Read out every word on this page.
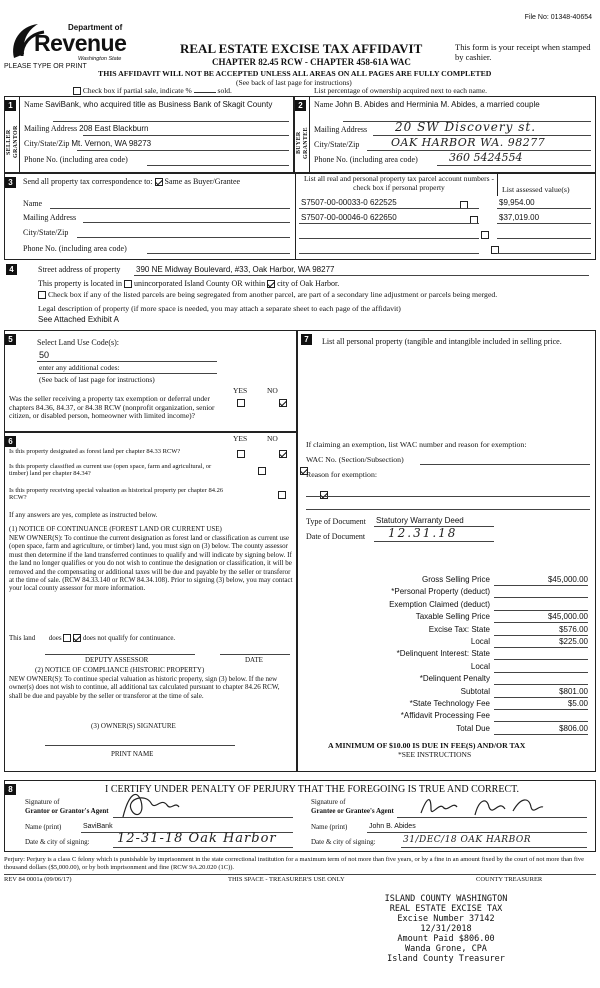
File No: 01348-40654
Department of
Revenue
Washington State
PLEASE TYPE OR PRINT
REAL ESTATE EXCISE TAX AFFIDAVIT
CHAPTER 82.45 RCW - CHAPTER 458-61A WAC
This form is your receipt when stamped by cashier.
THIS AFFIDAVIT WILL NOT BE ACCEPTED UNLESS ALL AREAS ON ALL PAGES ARE FULLY COMPLETED
(See back of last page for instructions)
Check box if partial sale, indicate %	sold.	List percentage of ownership acquired next to each name.
1
SELLER GRANTOR
Name SaviBank, who acquired title as Business Bank of Skagit County
Mailing Address 208 East Blackburn
City/State/Zip Mt. Vernon, WA 98273
Phone No. (including area code)
2
BUYER GRANTEE
Name John B. Abides and Herminia M. Abides, a married couple
Mailing Address 20 SW Discovery st.
City/State/Zip	OAK HARBOR WA. 98277
Phone No. (including area code)	360 5424554
3	Send all property tax correspondence to: Same as Buyer/Grantee
Name
Mailing Address
City/State/Zip
Phone No. (including area code)
List all real and personal property tax parcel account numbers - check box if personal property	List assessed value(s)
S7507-00-00033-0 622525
	$9,954.00
S7507-00-00046-0 622650
	$37,019.00

4	Street address of property 390 NE Midway Boulevard, #33, Oak Harbor, WA 98277
This property is located in unincorporated Island County OR within city of Oak Harbor.
Check box if any of the listed parcels are being segregated from another parcel, are part of a secondary line adjustment or parcels being merged.
Legal description of property (if more space is needed, you may attach a separate sheet to each page of the affidavit)
See Attached Exhibit A
5	Select Land Use Code(s):
50
enter any additional codes:
(See back of last page for instructions)
YES	NO
Was the seller receiving a property tax exemption or deferral under chapters 84.36, 84.37, or 84.38 RCW (nonprofit organization, senior citizen, or disabled person, homeowner with limited income)?

6	YES	NO
Is this property designated as forest land per chapter 84.33 RCW?

Is this property classified as current use (open space, farm and agricultural, or timber) land per chapter 84.34?

Is this property receiving special valuation as historical property per chapter 84.26 RCW?

If any answers are yes, complete as instructed below.
(1) NOTICE OF CONTINUANCE (FOREST LAND OR CURRENT USE)
NEW OWNER(S): To continue the current designation as forest land or classification as current use (open space, farm and agriculture, or timber) land, you must sign on (3) below. The county assessor must then determine if the land transferred continues to qualify and will indicate by signing below. If the land no longer qualifies or you do not wish to continue the designation or classification, it will be removed and the compensating or additional taxes will be due and payable by the seller or transferor at the time of sale. (RCW 84.33.140 or RCW 84.34.108). Prior to signing (3) below, you may contact your local county assessor for more information.
This land does	does not qualify for continuance.
DEPUTY ASSESSOR	DATE
(2) NOTICE OF COMPLIANCE (HISTORIC PROPERTY)
NEW OWNER(S): To continue special valuation as historic property, sign (3) below. If the new owner(s) does not wish to continue, all additional tax calculated pursuant to chapter 84.26 RCW, shall be due and payable by the seller or transferor at the time of sale.
(3) OWNER(S) SIGNATURE
PRINT NAME
7	List all personal property (tangible and intangible included in selling price.
If claiming an exemption, list WAC number and reason for exemption:
WAC No. (Section/Subsection)
Reason for exemption:
Type of Document Statutory Warranty Deed
Date of Document 12.31.18
Gross Selling Price	$45,000.00
*Personal Property (deduct)
Exemption Claimed (deduct)
Taxable Selling Price	$45,000.00
Excise Tax: State	$576.00
Local	$225.00
*Delinquent Interest: State
Local
*Delinquent Penalty
Subtotal	$801.00
*State Technology Fee	$5.00
*Affidavit Processing Fee
Total Due	$806.00
A MINIMUM OF $10.00 IS DUE IN FEE(S) AND/OR TAX
*SEE INSTRUCTIONS
8	I CERTIFY UNDER PENALTY OF PERJURY THAT THE FOREGOING IS TRUE AND CORRECT.
Signature of
Grantor or Grantor's Agent
Name (print)	SaviBank
Date & city of signing: 12-31-18 Oak Harbor
Signature of
Grantee or Grantee's Agent
Name (print)	John B. Abides
Date & city of signing:	31/DEC/18 OAK HARBOR
Perjury: Perjury is a class C felony which is punishable by imprisonment in the state correctional institution for a maximum term of not more than five years, or by a fine in an amount fixed by the court of not more than five thousand dollars ($5,000.00), or by both imprisonment and fine (RCW 9A.20.020 (1C)).
REV 84 0001a (09/06/17)	THIS SPACE - TREASURER'S USE ONLY	COUNTY TREASURER
ISLAND COUNTY WASHINGTON
REAL ESTATE EXCISE TAX
Excise Number 37142
12/31/2018
Amount Paid $806.00
Wanda Grone, CPA
Island County Treasurer
